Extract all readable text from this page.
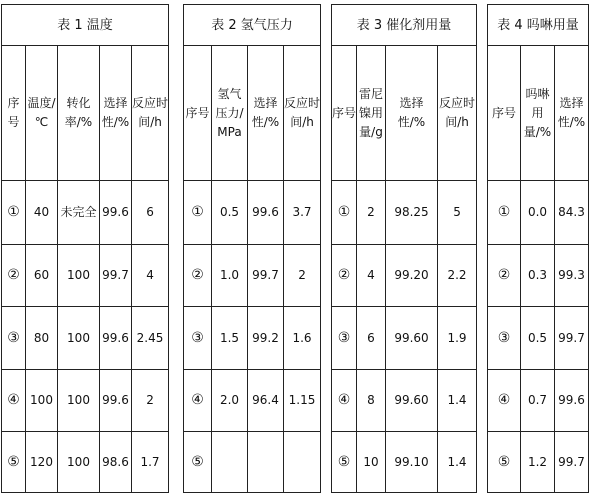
表 1 温度				
序号	温度/℃	转化率/%	选择性/%	反应时间/h
①	40	未完全	99.6	6
②	60	100	99.7	4
③	80	100	99.6	2.45
④	100	100	99.6	2
⑤	120	100	98.6	1.7
表 2 氢气压力			
序号	氢气压力/MPa	选择性/%	反应时间/h
①	0.5	99.6	3.7
②	1.0	99.7	2
③	1.5	99.2	1.6
④	2.0	96.4	1.15
⑤			
表 3 催化剂用量			
序号	雷尼镍用量/g	选择性/%	反应时间/h
①	2	98.25	5
②	4	99.20	2.2
③	6	99.60	1.9
④	8	99.60	1.4
⑤	10	99.10	1.4
表 4 吗啉用量		
序号	吗啉用量/%	选择性/%
①	0.0	84.3
②	0.3	99.3
③	0.5	99.7
④	0.7	99.6
⑤	1.2	99.7
